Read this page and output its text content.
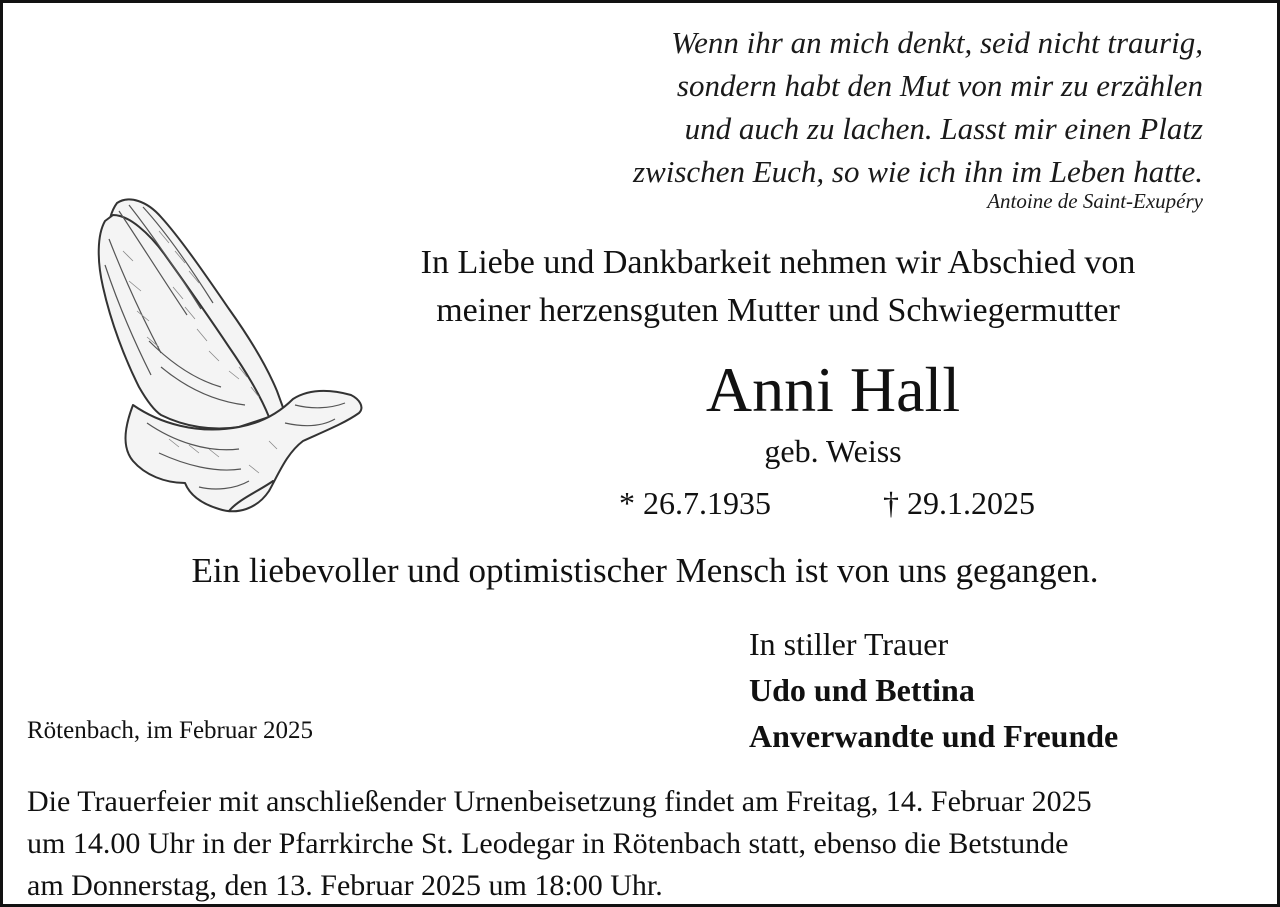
Wenn ihr an mich denkt, seid nicht traurig,
sondern habt den Mut von mir zu erzählen
und auch zu lachen. Lasst mir einen Platz
zwischen Euch, so wie ich ihn im Leben hatte.
Antoine de Saint-Exupéry
In Liebe und Dankbarkeit nehmen wir Abschied von
meiner herzensguten Mutter und Schwiegermutter
Anni Hall
geb. Weiss
* 26.7.1935	† 29.1.2025
Ein liebevoller und optimistischer Mensch ist von uns gegangen.
In stiller Trauer
Udo und Bettina
Anverwandte und Freunde
Rötenbach, im Februar 2025
Die Trauerfeier mit anschließender Urnenbeisetzung findet am Freitag, 14. Februar 2025
um 14.00 Uhr in der Pfarrkirche St. Leodegar in Rötenbach statt, ebenso die Betstunde
am Donnerstag, den 13. Februar 2025 um 18:00 Uhr.
